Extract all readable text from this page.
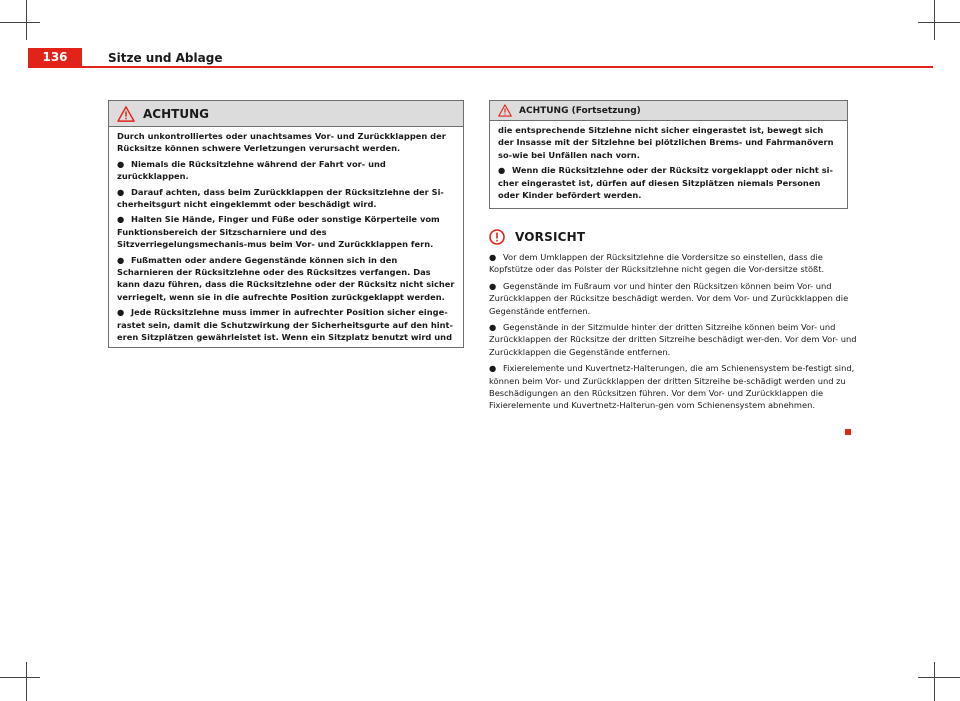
136	Sitze und Ablage
ACHTUNG

Durch unkontrolliertes oder unachtsames Vor- und Zurückklappen der Rücksitze können schwere Verletzungen verursacht werden.

● Niemals die Rücksitzlehne während der Fahrt vor- und zurückklappen.

● Darauf achten, dass beim Zurückklappen der Rücksitzlehne der Si-cherheitsgurt nicht eingeklemmt oder beschädigt wird.

● Halten Sie Hände, Finger und Füße oder sonstige Körperteile vom Funktionsbereich der Sitzscharniere und des Sitzverriegelungsmechanis-mus beim Vor- und Zurückklappen fern.

● Fußmatten oder andere Gegenstände können sich in den Scharnieren der Rücksitzlehne oder des Rücksitzes verfangen. Das kann dazu führen, dass die Rücksitzlehne oder der Rücksitz nicht sicher verriegelt, wenn sie in die aufrechte Position zurückgeklappt werden.

● Jede Rücksitzlehne muss immer in aufrechter Position sicher einge-rastet sein, damit die Schutzwirkung der Sicherheitsgurte auf den hint-eren Sitzplätzen gewährleistet ist. Wenn ein Sitzplatz benutzt wird und

ACHTUNG (Fortsetzung)

die entsprechende Sitzlehne nicht sicher eingerastet ist, bewegt sich der Insasse mit der Sitzlehne bei plötzlichen Brems- und Fahrmanövern so-wie bei Unfällen nach vorn.

● Wenn die Rücksitzlehne oder der Rücksitz vorgeklappt oder nicht si-cher eingerastet ist, dürfen auf diesen Sitzplätzen niemals Personen oder Kinder befördert werden.

VORSICHT

● Vor dem Umklappen der Rücksitzlehne die Vordersitze so einstellen, dass die Kopfstütze oder das Polster der Rücksitzlehne nicht gegen die Vor-dersitze stößt.

● Gegenstände im Fußraum vor und hinter den Rücksitzen können beim Vor- und Zurückklappen der Rücksitze beschädigt werden. Vor dem Vor- und Zurückklappen die Gegenstände entfernen.

● Gegenstände in der Sitzmulde hinter der dritten Sitzreihe können beim Vor- und Zurückklappen der Rücksitze der dritten Sitzreihe beschädigt wer-den. Vor dem Vor- und Zurückklappen die Gegenstände entfernen.

● Fixierelemente und Kuvertnetz-Halterungen, die am Schienensystem be-festigt sind, können beim Vor- und Zurückklappen der dritten Sitzreihe be-schädigt werden und zu Beschädigungen an den Rücksitzen führen. Vor dem Vor- und Zurückklappen die Fixierelemente und Kuvertnetz-Halterun-gen vom Schienensystem abnehmen.
